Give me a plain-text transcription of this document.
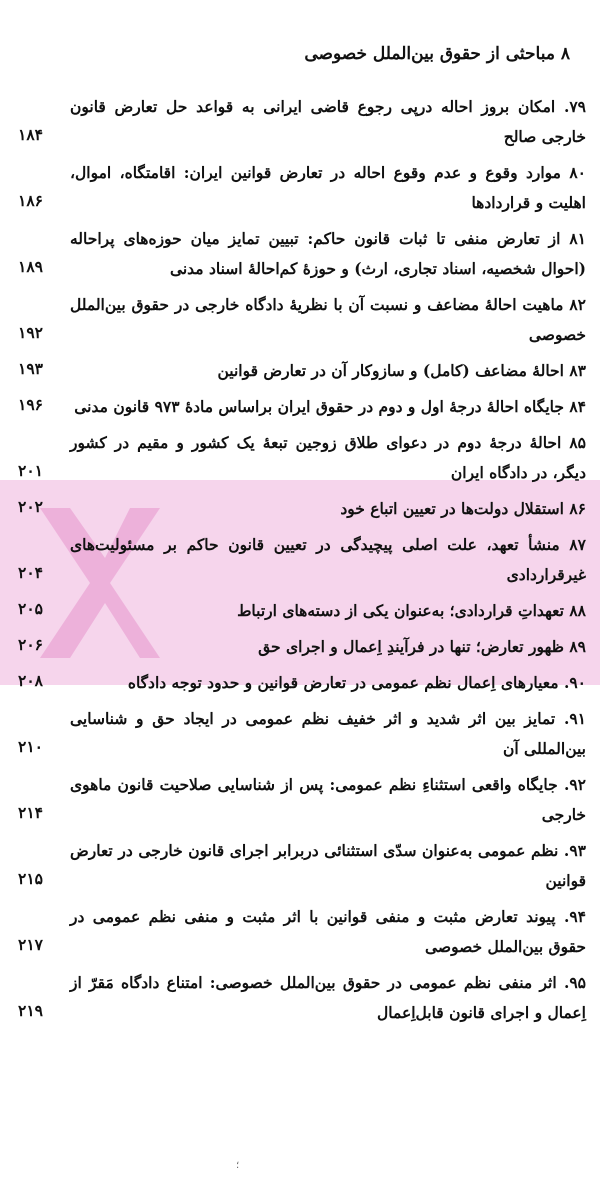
۸ مباحثی از حقوق بین‌الملل خصوصی
۷۹. امکان بروز احاله درپی رجوع قاضی ایرانی به قواعد حل تعارض قانون خارجی صالح
۱۸۴
۸۰ موارد وقوع و عدم وقوع احاله در تعارض قوانین ایران: اقامتگاه، اموال، اهلیت و قراردادها
۱۸۶
۸۱ از تعارض منفی تا ثبات قانون حاکم: تبیین تمایز میان حوزه‌های پراحاله (احوال شخصیه، اسناد تجاری، ارث) و حوزهٔ کم‌احالهٔ اسناد مدنی
۱۸۹
۸۲ ماهیت احالهٔ مضاعف و نسبت آن با نظریهٔ دادگاه خارجی در حقوق بین‌الملل خصوصی
۱۹۲
۸۳ احالهٔ مضاعف (کامل) و سازوکار آن در تعارض قوانین
۱۹۳
۸۴ جایگاه احالهٔ درجهٔ اول و دوم در حقوق ایران براساس مادهٔ ۹۷۳ قانون مدنی
۱۹۶
۸۵ احالهٔ درجهٔ دوم در دعوای طلاق زوجین تبعهٔ یک کشور و مقیم در کشور دیگر، در دادگاه ایران
۲۰۱
۸۶ استقلال دولت‌ها در تعیین اتباع خود
۲۰۲
۸۷ منشأ تعهد، علت اصلی پیچیدگی در تعیین قانون حاکم بر مسئولیت‌های غیرقراردادی
۲۰۴
۸۸ تعهداتِ قراردادی؛ به‌عنوان یکی از دسته‌های ارتباط
۲۰۵
۸۹ ظهور تعارض؛ تنها در فرآیندِ اِعمال و اجرای حق
۲۰۶
۹۰. معیارهای اِعمال نظم عمومی در تعارض قوانین و حدود توجه دادگاه
۲۰۸
۹۱. تمایز بین اثر شدید و اثر خفیف نظم عمومی در ایجاد حق و شناسایی بین‌المللی آن
۲۱۰
۹۲. جایگاه واقعی استثناءِ نظم عمومی: پس از شناسایی صلاحیت قانون ماهوی خارجی
۲۱۴
۹۳. نظم عمومی به‌عنوان سدّی استثنائی دربرابر اجرای قانون خارجی در تعارض قوانین
۲۱۵
۹۴. پیوند تعارض مثبت و منفی قوانین با اثر مثبت و منفی نظم عمومی در حقوق بین‌الملل خصوصی
۲۱۷
۹۵. اثر منفی نظم عمومی در حقوق بین‌الملل خصوصی: امتناع دادگاه مَقرّ از اِعمال و اجرای قانون قابل‌اِعمال
۲۱۹
؛
